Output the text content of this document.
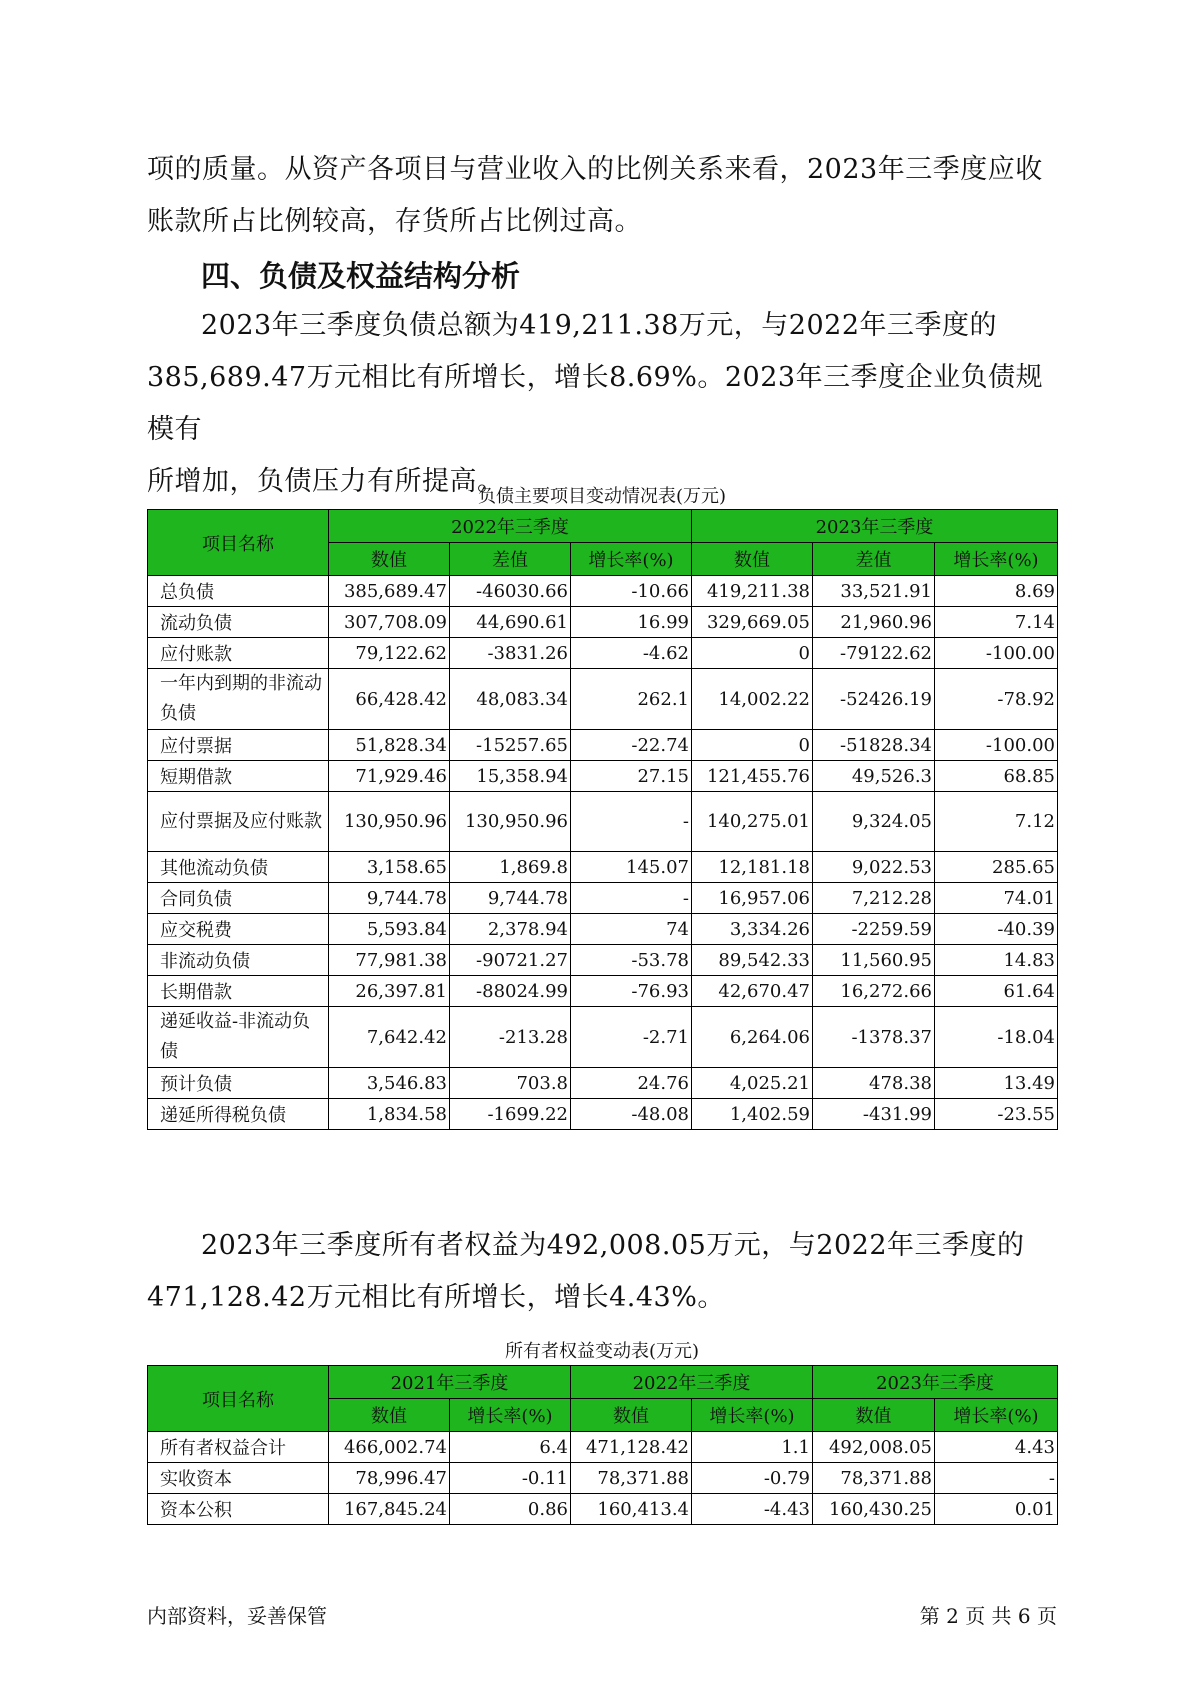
项的质量。从资产各项目与营业收入的比例关系来看，2023年三季度应收
账款所占比例较高，存货所占比例过高。
四、负债及权益结构分析
2023年三季度负债总额为419,211.38万元，与2022年三季度的
385,689.47万元相比有所增长，增长8.69%。2023年三季度企业负债规模有
所增加，负债压力有所提高。
负债主要项目变动情况表(万元)
项目名称	2022年三季度			2023年三季度		
	数值	差值	增长率(%)	数值	差值	增长率(%)
总负债	385,689.47	-46030.66	-10.66	419,211.38	33,521.91	8.69
流动负债	307,708.09	44,690.61	16.99	329,669.05	21,960.96	7.14
应付账款	79,122.62	-3831.26	-4.62	0	-79122.62	-100.00
一年内到期的非流动负债	66,428.42	48,083.34	262.1	14,002.22	-52426.19	-78.92
应付票据	51,828.34	-15257.65	-22.74	0	-51828.34	-100.00
短期借款	71,929.46	15,358.94	27.15	121,455.76	49,526.3	68.85
应付票据及应付账款	130,950.96	130,950.96	-	140,275.01	9,324.05	7.12
其他流动负债	3,158.65	1,869.8	145.07	12,181.18	9,022.53	285.65
合同负债	9,744.78	9,744.78	-	16,957.06	7,212.28	74.01
应交税费	5,593.84	2,378.94	74	3,334.26	-2259.59	-40.39
非流动负债	77,981.38	-90721.27	-53.78	89,542.33	11,560.95	14.83
长期借款	26,397.81	-88024.99	-76.93	42,670.47	16,272.66	61.64
递延收益-非流动负债	7,642.42	-213.28	-2.71	6,264.06	-1378.37	-18.04
预计负债	3,546.83	703.8	24.76	4,025.21	478.38	13.49
递延所得税负债	1,834.58	-1699.22	-48.08	1,402.59	-431.99	-23.55
2023年三季度所有者权益为492,008.05万元，与2022年三季度的
471,128.42万元相比有所增长，增长4.43%。
所有者权益变动表(万元)
项目名称	2021年三季度		2022年三季度		2023年三季度	
	数值	增长率(%)	数值	增长率(%)	数值	增长率(%)
所有者权益合计	466,002.74	6.4	471,128.42	1.1	492,008.05	4.43
实收资本	78,996.47	-0.11	78,371.88	-0.79	78,371.88	-
资本公积	167,845.24	0.86	160,413.4	-4.43	160,430.25	0.01
内部资料，妥善保管	第 2 页 共 6 页
